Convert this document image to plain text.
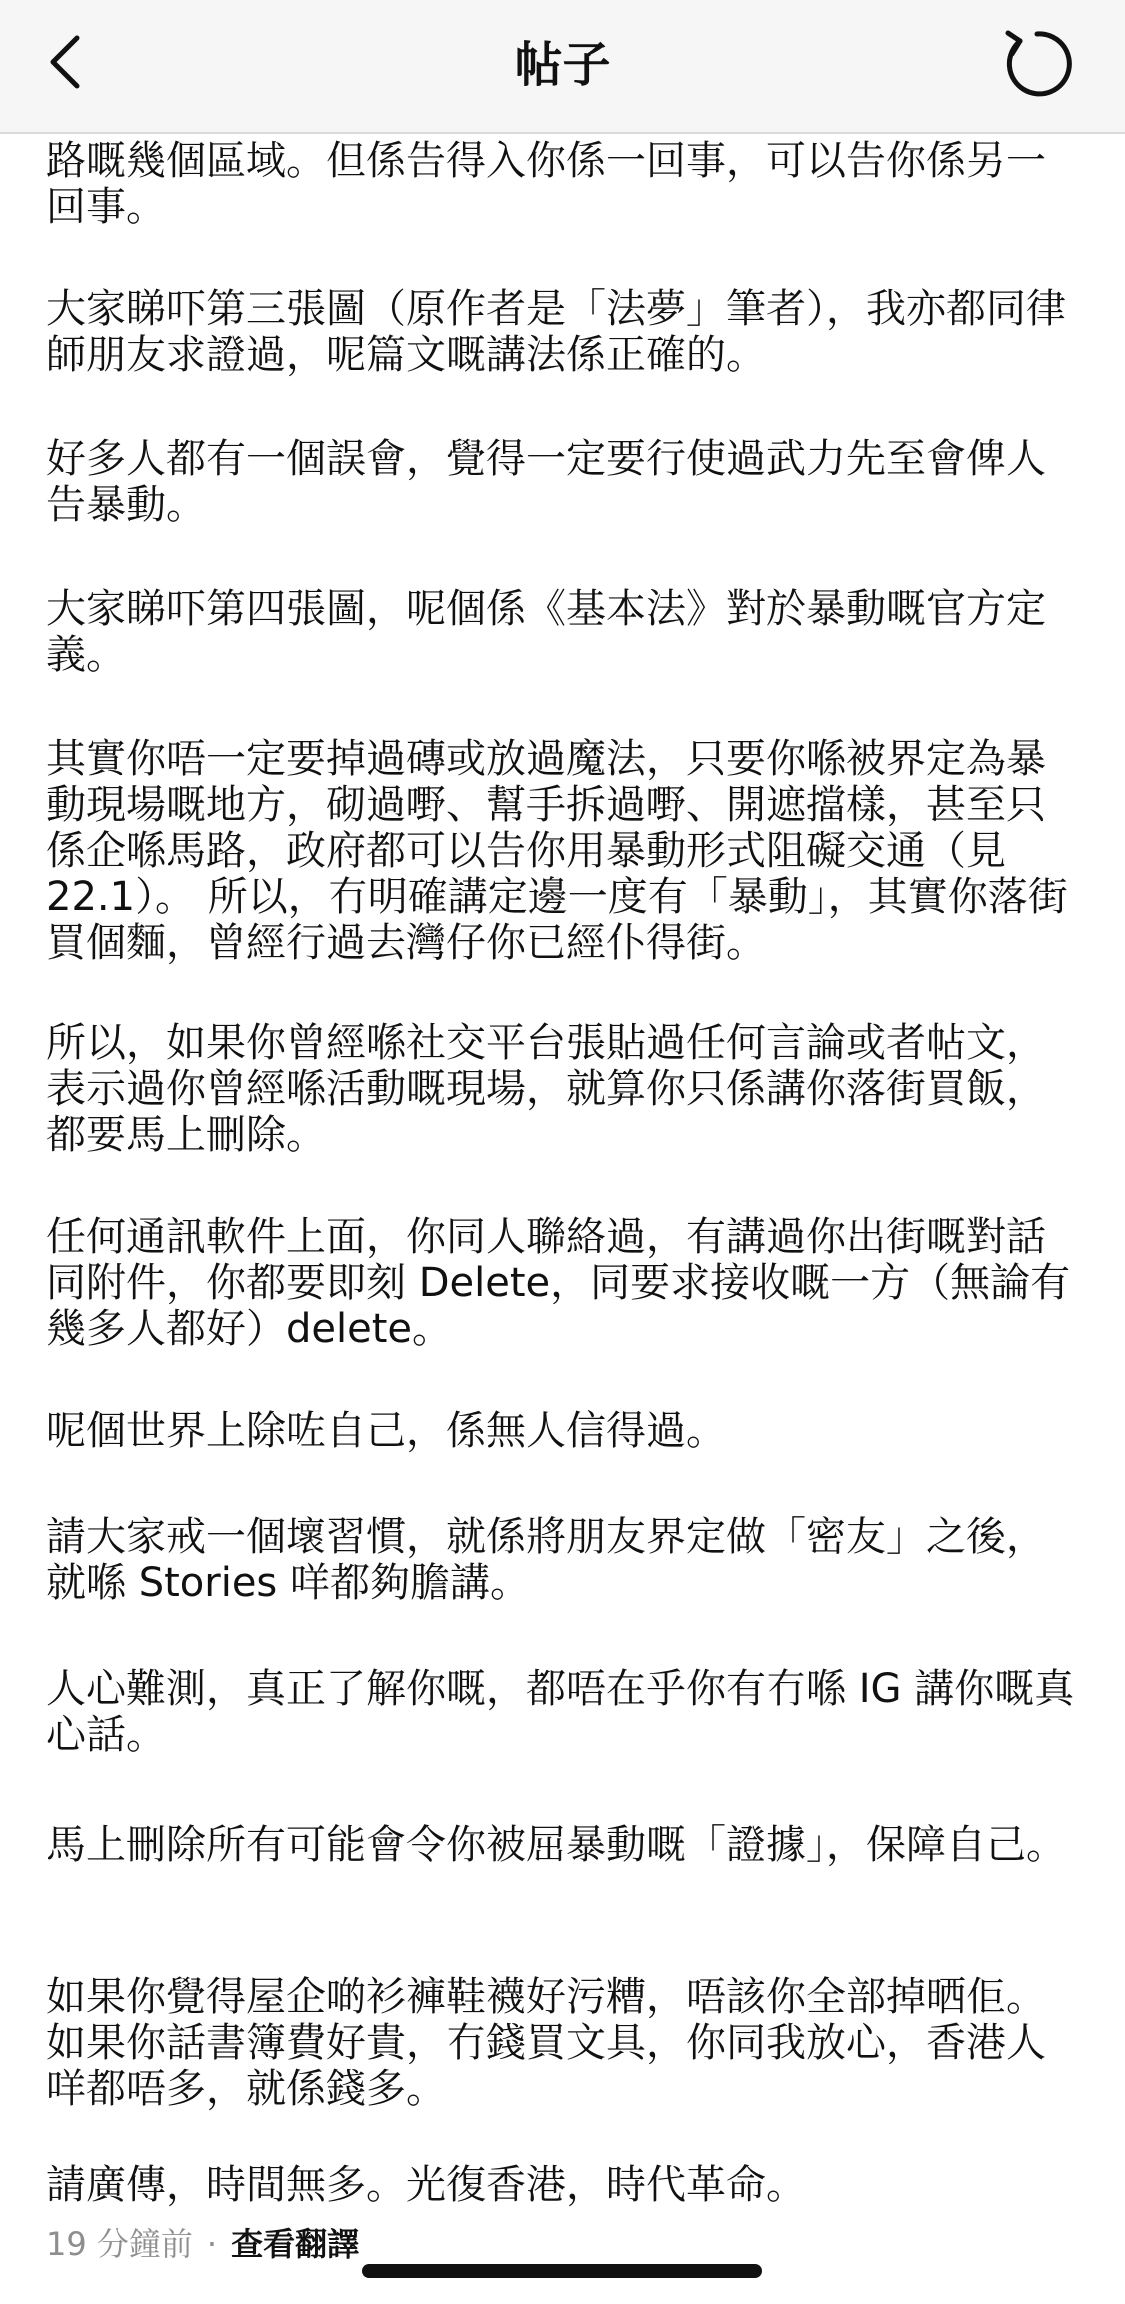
路嘅幾個區域。但係告得入你係一回事，可以告你係另一回事。

大家睇吓第三張圖（原作者是「法夢」筆者），我亦都同律師朋友求證過，呢篇文嘅講法係正確的。

好多人都有一個誤會，覺得一定要行使過武力先至會俾人告暴動。

大家睇吓第四張圖，呢個係《基本法》對於暴動嘅官方定義。

其實你唔一定要掉過磚或放過魔法，只要你喺被界定為暴動現場嘅地方，砌過嘢、幫手拆過嘢、開遮擋樣，甚至只係企喺馬路，政府都可以告你用暴動形式阻礙交通（見 22.1）。 所以，冇明確講定邊一度有「暴動」，其實你落街買個麵，曾經行過去灣仔你已經仆得街。

所以，如果你曾經喺社交平台張貼過任何言論或者帖文，表示過你曾經喺活動嘅現場，就算你只係講你落街買飯，都要馬上刪除。

任何通訊軟件上面，你同人聯絡過，有講過你出街嘅對話同附件，你都要即刻 Delete，同要求接收嘅一方（無論有幾多人都好）delete。

呢個世界上除咗自己，係無人信得過。

請大家戒一個壞習慣，就係將朋友界定做「密友」之後，就喺 Stories 咩都夠膽講。

人心難測，真正了解你嘅，都唔在乎你有冇喺 IG 講你嘅真心話。

馬上刪除所有可能會令你被屈暴動嘅「證據」，保障自己。

如果你覺得屋企啲衫褲鞋襪好污糟，唔該你全部掉晒佢。如果你話書簿費好貴，冇錢買文具，你同我放心，香港人咩都唔多，就係錢多。

請廣傳，時間無多。光復香港，時代革命。

帖子
19 分鐘前 · 查看翻譯
